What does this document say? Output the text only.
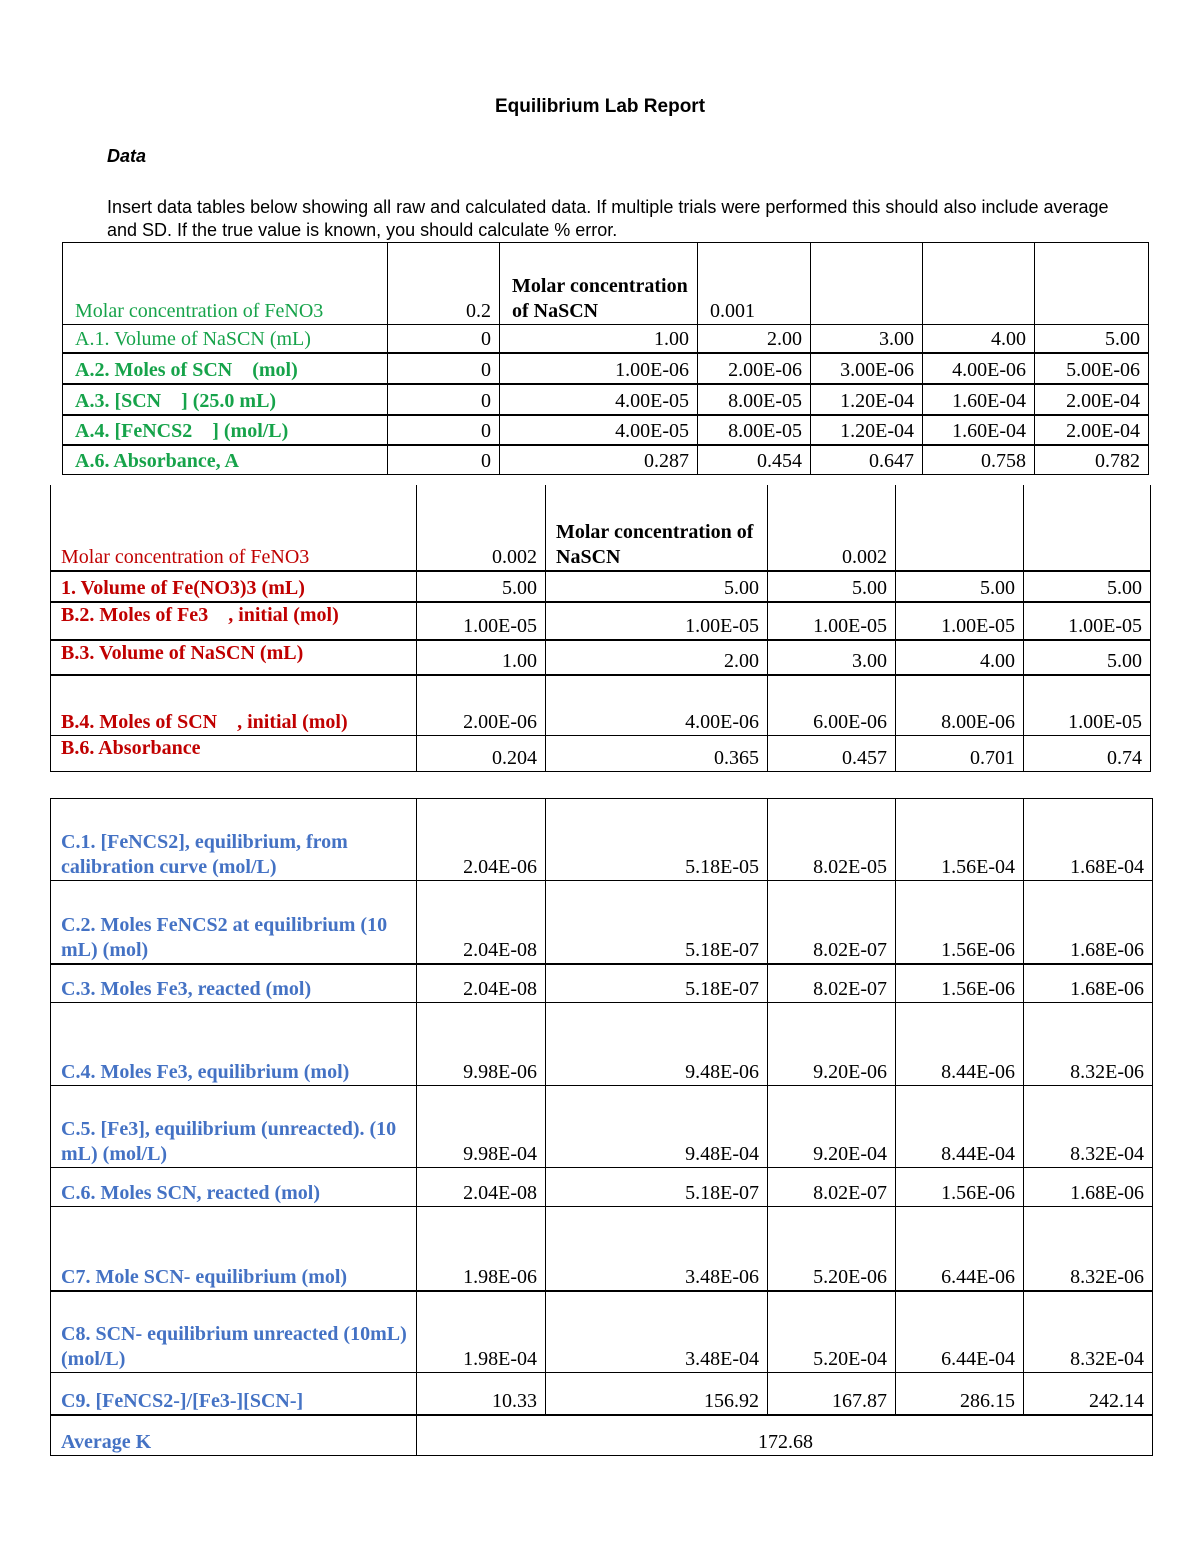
Equilibrium Lab Report
Data
Insert data tables below showing all raw and calculated data. If multiple trials were performed this should also include average and SD. If the true value is known, you should calculate % error.
Molar concentration of FeNO3	0.2	Molar concentration of NaSCN	0.001			
A.1. Volume of NaSCN (mL)	0	1.00	2.00	3.00	4.00	5.00
A.2. Moles of SCN    (mol)	0	1.00E-06	2.00E-06	3.00E-06	4.00E-06	5.00E-06
A.3. [SCN    ] (25.0 mL)	0	4.00E-05	8.00E-05	1.20E-04	1.60E-04	2.00E-04
A.4. [FeNCS2    ] (mol/L)	0	4.00E-05	8.00E-05	1.20E-04	1.60E-04	2.00E-04
A.6. Absorbance, A	0	0.287	0.454	0.647	0.758	0.782
Molar concentration of FeNO3	0.002	Molar concentration of NaSCN	0.002		
1. Volume of Fe(NO3)3 (mL)	5.00	5.00	5.00	5.00	5.00
B.2. Moles of Fe3    , initial (mol)	1.00E-05	1.00E-05	1.00E-05	1.00E-05	1.00E-05
B.3. Volume of NaSCN (mL)	1.00	2.00	3.00	4.00	5.00
B.4. Moles of SCN    , initial (mol)	2.00E-06	4.00E-06	6.00E-06	8.00E-06	1.00E-05
B.6. Absorbance	0.204	0.365	0.457	0.701	0.74
C.1. [FeNCS2], equilibrium, from calibration curve (mol/L)	2.04E-06	5.18E-05	8.02E-05	1.56E-04	1.68E-04
C.2. Moles FeNCS2 at equilibrium (10 mL) (mol)	2.04E-08	5.18E-07	8.02E-07	1.56E-06	1.68E-06
C.3. Moles Fe3, reacted (mol)	2.04E-08	5.18E-07	8.02E-07	1.56E-06	1.68E-06
C.4. Moles Fe3, equilibrium (mol)	9.98E-06	9.48E-06	9.20E-06	8.44E-06	8.32E-06
C.5. [Fe3], equilibrium (unreacted). (10 mL) (mol/L)	9.98E-04	9.48E-04	9.20E-04	8.44E-04	8.32E-04
C.6. Moles SCN, reacted (mol)	2.04E-08	5.18E-07	8.02E-07	1.56E-06	1.68E-06
C7. Mole SCN- equilibrium (mol)	1.98E-06	3.48E-06	5.20E-06	6.44E-06	8.32E-06
C8. SCN- equilibrium unreacted (10mL) (mol/L)	1.98E-04	3.48E-04	5.20E-04	6.44E-04	8.32E-04
C9. [FeNCS2-]/[Fe3-][SCN-]	10.33	156.92	167.87	286.15	242.14
Average K	172.68				
